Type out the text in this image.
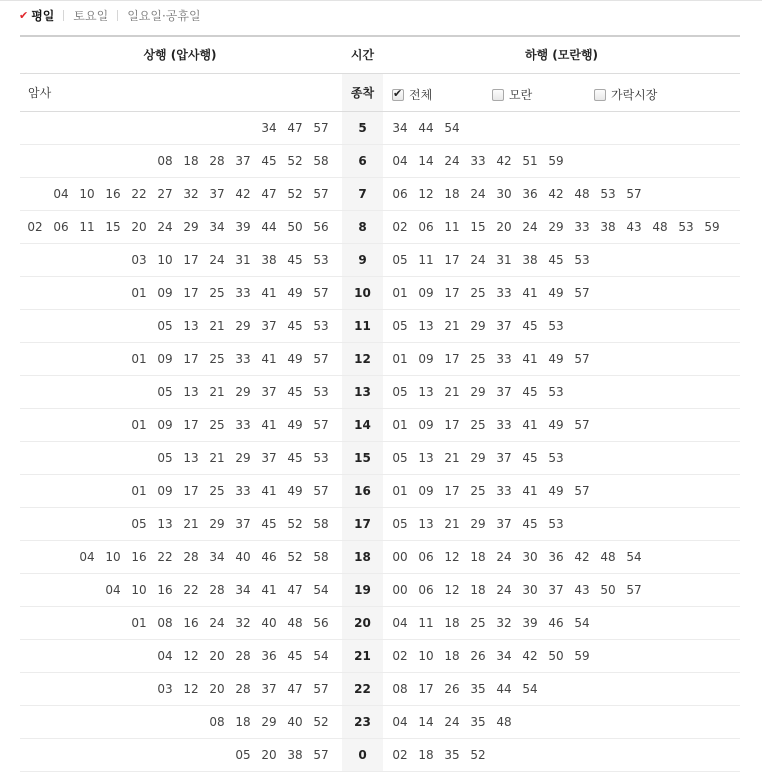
✔ 평일 토요일 일요일·공휴일
상행 (압사행)	시간	하행 (모란행)
암사	종착
✔	전체	모란	가락시장
34 47 57	5	34 44 54
08 18 28 37 45 52 58	6	04 14 24 33 42 51 59
04 10 16 22 27 32 37 42 47 52 57	7	06 12 18 24 30 36 42 48 53 57
02 06 11 15 20 24 29 34 39 44 50 56	8	02 06 11 15 20 24 29 33 38 43 48 53 59
03 10 17 24 31 38 45 53	9	05 11 17 24 31 38 45 53
01 09 17 25 33 41 49 57	10	01 09 17 25 33 41 49 57
05 13 21 29 37 45 53	11	05 13 21 29 37 45 53
01 09 17 25 33 41 49 57	12	01 09 17 25 33 41 49 57
05 13 21 29 37 45 53	13	05 13 21 29 37 45 53
01 09 17 25 33 41 49 57	14	01 09 17 25 33 41 49 57
05 13 21 29 37 45 53	15	05 13 21 29 37 45 53
01 09 17 25 33 41 49 57	16	01 09 17 25 33 41 49 57
05 13 21 29 37 45 52 58	17	05 13 21 29 37 45 53
04 10 16 22 28 34 40 46 52 58	18	00 06 12 18 24 30 36 42 48 54
04 10 16 22 28 34 41 47 54	19	00 06 12 18 24 30 37 43 50 57
01 08 16 24 32 40 48 56	20	04 11 18 25 32 39 46 54
04 12 20 28 36 45 54	21	02 10 18 26 34 42 50 59
03 12 20 28 37 47 57	22	08 17 26 35 44 54
08 18 29 40 52	23	04 14 24 35 48
05 20 38 57	0	02 18 35 52
